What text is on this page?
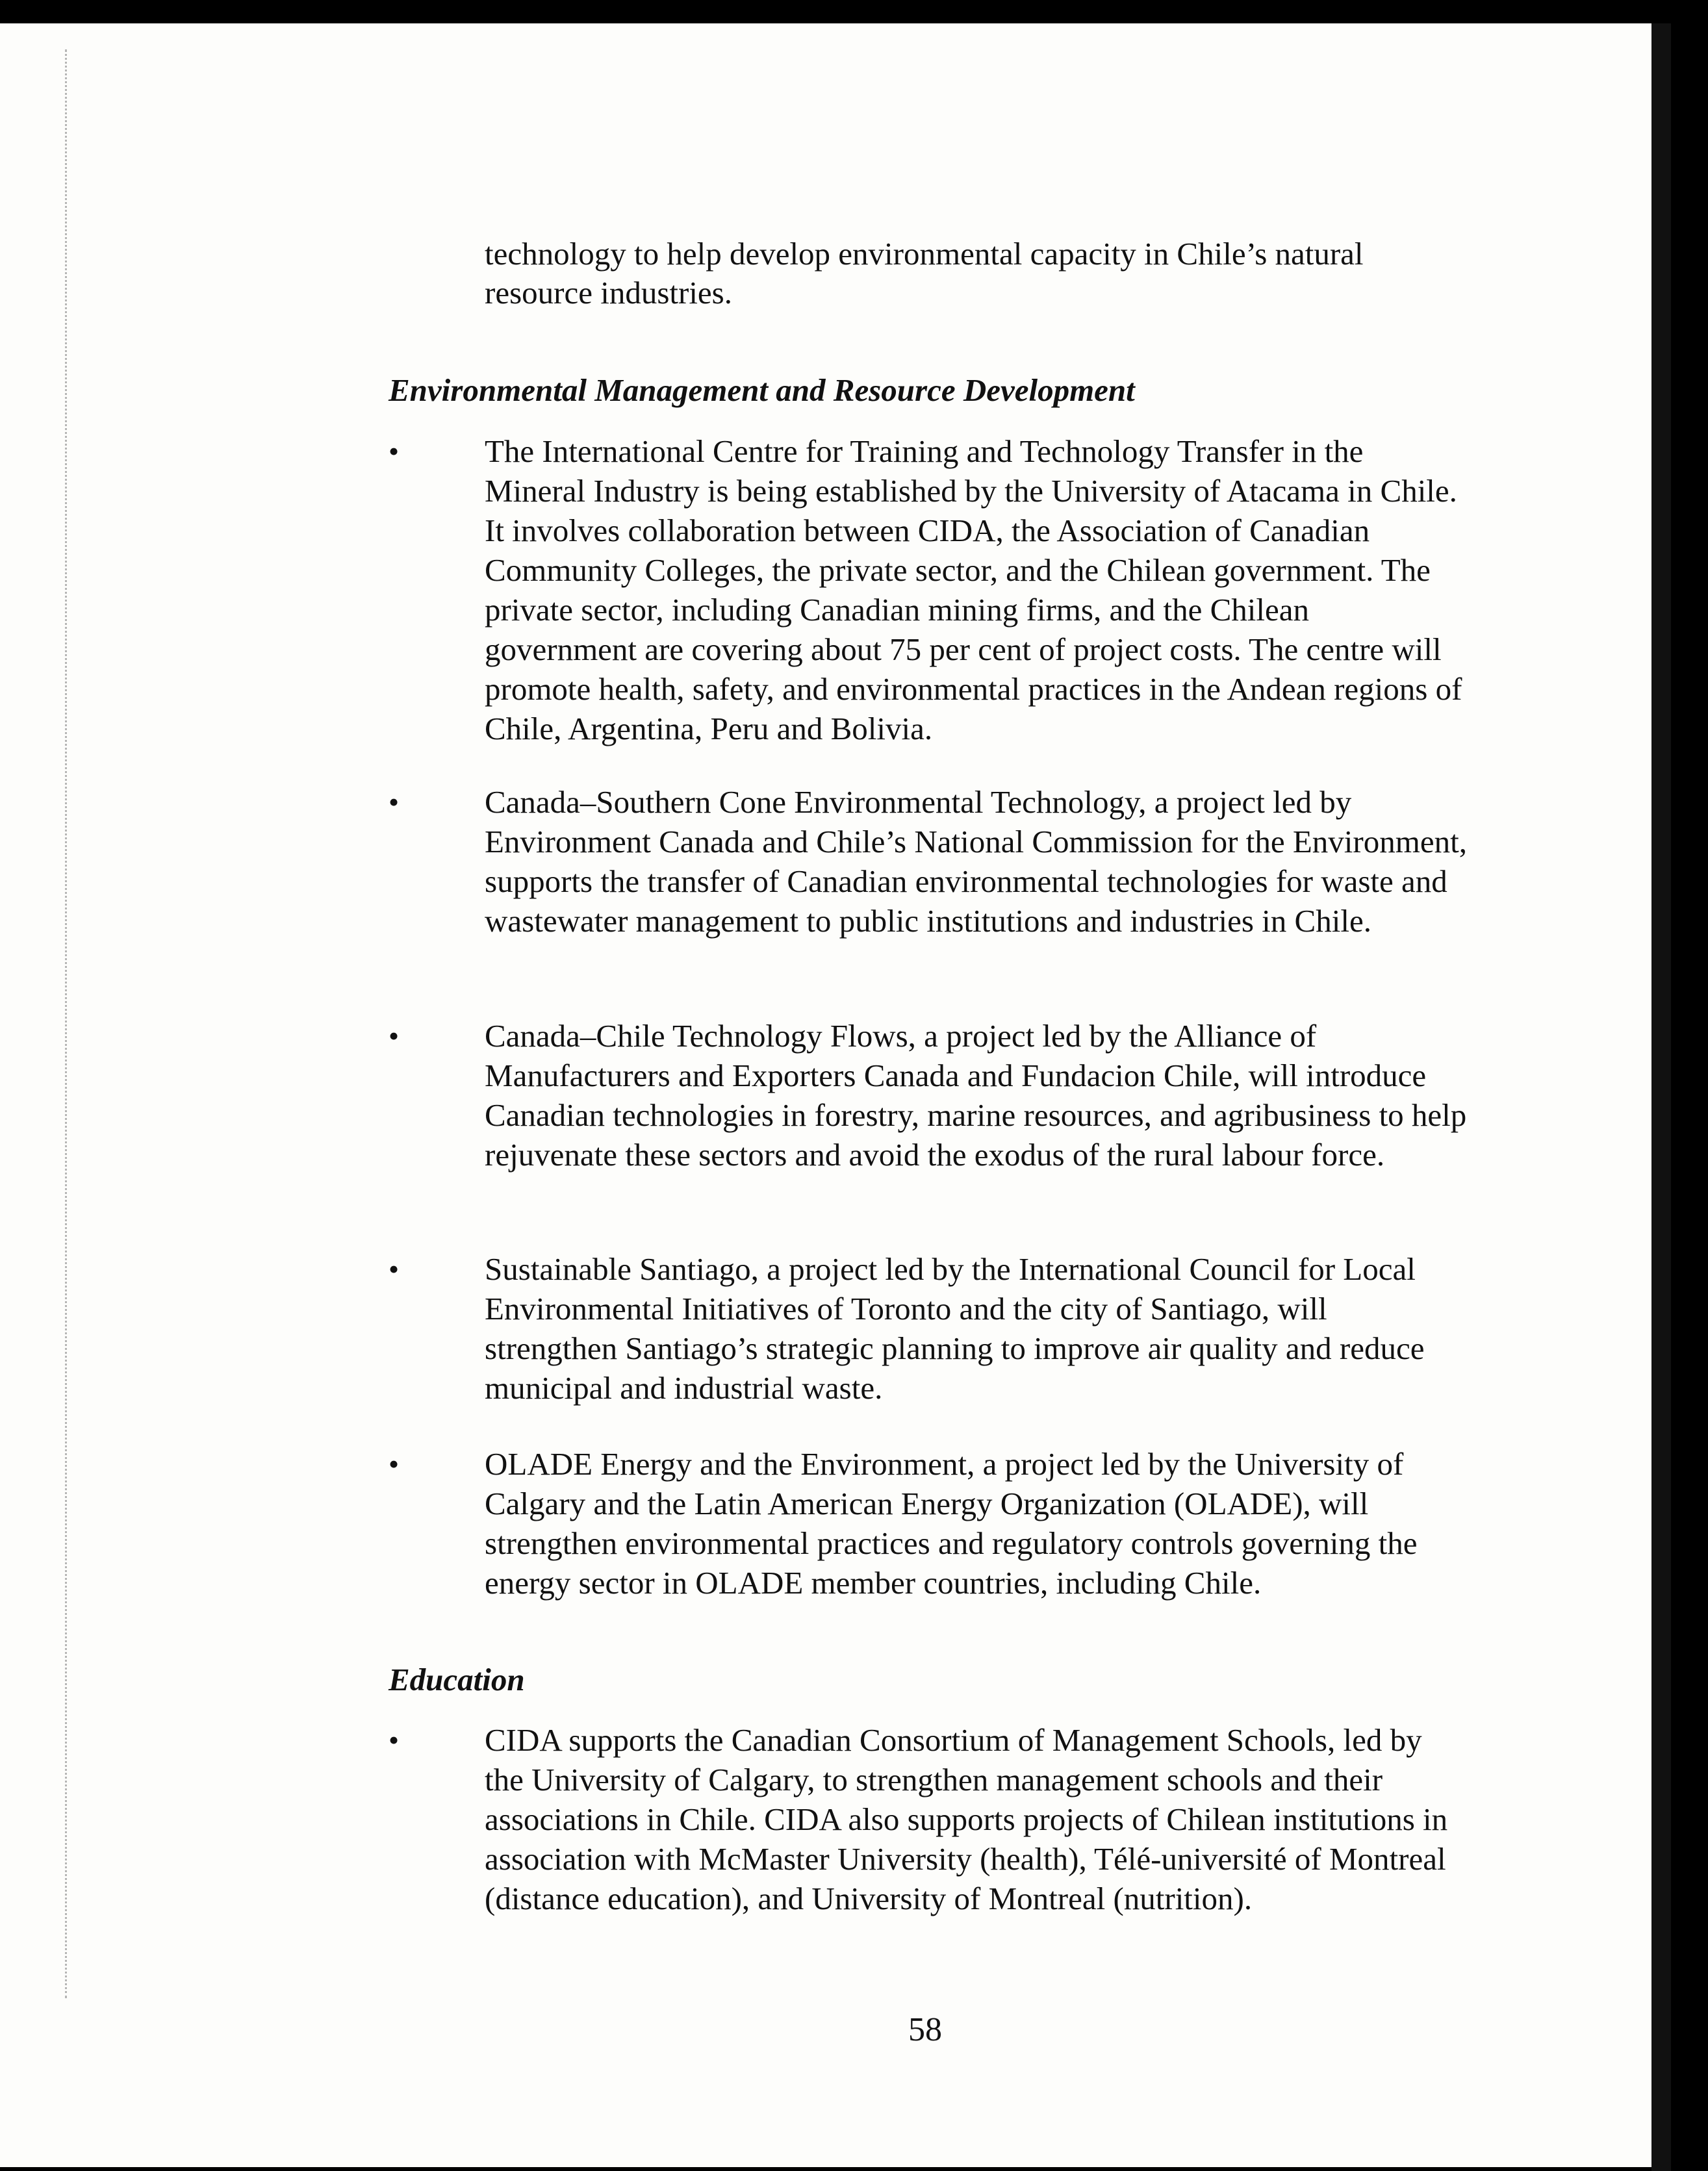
technology to help develop environmental capacity in Chile’s natural resource industries.

Environmental Management and Resource Development
•	The International Centre for Training and Technology Transfer in the Mineral Industry is being established by the University of Atacama in Chile. It involves collaboration between CIDA, the Association of Canadian Community Colleges, the private sector, and the Chilean government. The private sector, including Canadian mining firms, and the Chilean government are covering about 75 per cent of project costs. The centre will promote health, safety, and environmental practices in the Andean regions of Chile, Argentina, Peru and Bolivia.

•	Canada–Southern Cone Environmental Technology, a project led by Environment Canada and Chile’s National Commission for the Environment, supports the transfer of Canadian environmental technologies for waste and wastewater management to public institutions and industries in Chile.

•	Canada–Chile Technology Flows, a project led by the Alliance of Manufacturers and Exporters Canada and Fundacion Chile, will introduce Canadian technologies in forestry, marine resources, and agribusiness to help rejuvenate these sectors and avoid the exodus of the rural labour force.

•	Sustainable Santiago, a project led by the International Council for Local Environmental Initiatives of Toronto and the city of Santiago, will strengthen Santiago’s strategic planning to improve air quality and reduce municipal and industrial waste.

•	OLADE Energy and the Environment, a project led by the University of Calgary and the Latin American Energy Organization (OLADE), will strengthen environmental practices and regulatory controls governing the energy sector in OLADE member countries, including Chile.

Education
•	CIDA supports the Canadian Consortium of Management Schools, led by the University of Calgary, to strengthen management schools and their associations in Chile. CIDA also supports projects of Chilean institutions in association with McMaster University (health), Télé-université of Montreal (distance education), and University of Montreal (nutrition).

58
